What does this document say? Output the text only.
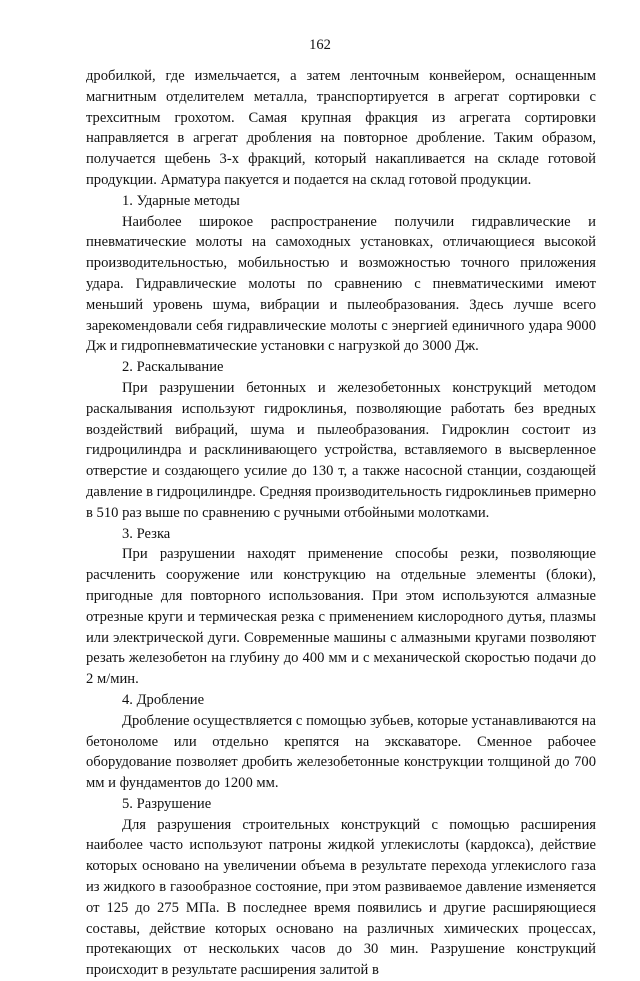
162

дробилкой, где измельчается, а затем ленточным конвейером, оснащенным магнитным отделителем металла, транспортируется в агрегат сортировки с трехситным грохотом. Самая крупная фракция из агрегата сортировки направляется в агрегат дробления на повторное дробление. Таким образом, получается щебень 3-х фракций, который накапливается на складе готовой продукции. Арматура пакуется и подается на склад готовой продукции.

1. Ударные методы

Наиболее широкое распространение получили гидравлические и пневматические молоты на самоходных установках, отличающиеся высокой производительностью, мобильностью и возможностью точного приложения удара. Гидравлические молоты по сравнению с пневматическими имеют меньший уровень шума, вибрации и пылеобразования. Здесь лучше всего зарекомендовали себя гидравлические молоты с энергией единичного удара 9000 Дж и гидропневматические установки с нагрузкой до 3000 Дж.

2. Раскалывание

При разрушении бетонных и железобетонных конструкций методом раскалывания используют гидроклинья, позволяющие работать без вредных воздействий вибраций, шума и пылеобразования. Гидроклин состоит из гидроцилиндра и расклинивающего устройства, вставляемого в высверленное отверстие и создающего усилие до 130 т, а также насосной станции, создающей давление в гидроцилиндре. Средняя производительность гидроклиньев примерно в 510 раз выше по сравнению с ручными отбойными молотками.

3. Резка

При разрушении находят применение способы резки, позволяющие расчленить сооружение или конструкцию на отдельные элементы (блоки), пригодные для повторного использования. При этом используются алмазные отрезные круги и термическая резка с применением кислородного дутья, плазмы или электрической дуги. Современные машины с алмазными кругами позволяют резать железобетон на глубину до 400 мм и с механической скоростью подачи до 2 м/мин.

4. Дробление

Дробление осуществляется с помощью зубьев, которые устанавливаются на бетоноломе или отдельно крепятся на экскаваторе. Сменное рабочее оборудование позволяет дробить железобетонные конструкции толщиной до 700 мм и фундаментов до 1200 мм.

5. Разрушение

Для разрушения строительных конструкций с помощью расширения наиболее часто используют патроны жидкой углекислоты (кардокса), действие которых основано на увеличении объема в результате перехода углекислого газа из жидкого в газообразное состояние, при этом развиваемое давление изменяется от 125 до 275 МПа. В последнее время появились и другие расширяющиеся составы, действие которых основано на различных химических процессах, протекающих от нескольких часов до 30 мин. Разрушение конструкций происходит в результате расширения залитой в
